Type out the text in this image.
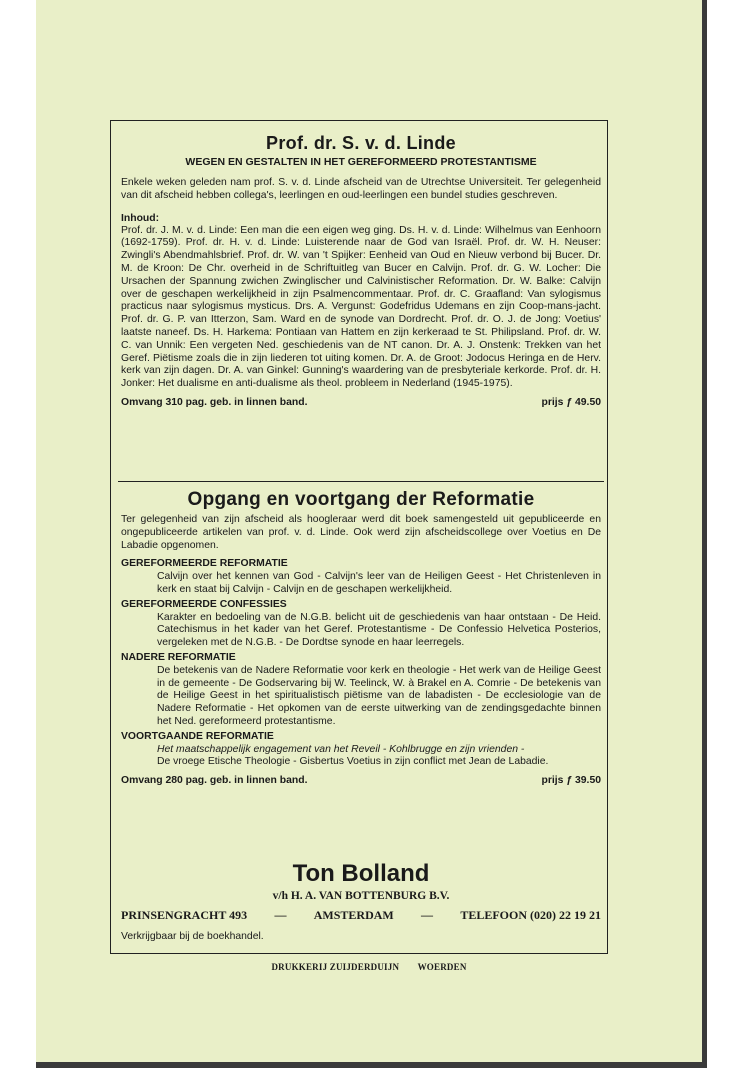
Prof. dr. S. v. d. Linde
WEGEN EN GESTALTEN IN HET GEREFORMEERD PROTESTANTISME

Enkele weken geleden nam prof. S. v. d. Linde afscheid van de Utrechtse Universiteit. Ter gelegenheid van dit afscheid hebben collega's, leerlingen en oud-leerlingen een bundel studies geschreven.

Inhoud:

Prof. dr. J. M. v. d. Linde: Een man die een eigen weg ging. Ds. H. v. d. Linde: Wilhelmus van Eenhoorn (1692-1759). Prof. dr. H. v. d. Linde: Luisterende naar de God van Israël. Prof. dr. W. H. Neuser: Zwingli's Abendmahlsbrief. Prof. dr. W. van 't Spijker: Eenheid van Oud en Nieuw verbond bij Bucer. Dr. M. de Kroon: De Chr. overheid in de Schriftuitleg van Bucer en Calvijn. Prof. dr. G. W. Locher: Die Ursachen der Spannung zwichen Zwinglischer und Calvinistischer Reformation. Dr. W. Balke: Calvijn over de geschapen werkelijkheid in zijn Psalmencommentaar. Prof. dr. C. Graafland: Van sylogismus practicus naar sylogismus mysticus. Drs. A. Vergunst: Godefridus Udemans en zijn Coop-mans-jacht. Prof. dr. G. P. van Itterzon, Sam. Ward en de synode van Dordrecht. Prof. dr. O. J. de Jong: Voetius' laatste naneef. Ds. H. Harkema: Pontiaan van Hattem en zijn kerkeraad te St. Philipsland. Prof. dr. W. C. van Unnik: Een vergeten Ned. geschiedenis van de NT canon. Dr. A. J. Onstenk: Trekken van het Geref. Piëtisme zoals die in zijn liederen tot uiting komen. Dr. A. de Groot: Jodocus Heringa en de Herv. kerk van zijn dagen. Dr. A. van Ginkel: Gunning's waardering van de presbyteriale kerkorde. Prof. dr. H. Jonker: Het dualisme en anti-dualisme als theol. probleem in Nederland (1945-1975).

Omvang 310 pag. geb. in linnen band.	prijs ƒ 49.50
Opgang en voortgang der Reformatie

Ter gelegenheid van zijn afscheid als hoogleraar werd dit boek samengesteld uit gepubliceerde en ongepubliceerde artikelen van prof. v. d. Linde. Ook werd zijn afscheidscollege over Voetius en De Labadie opgenomen.

GEREFORMEERDE REFORMATIE

Calvijn over het kennen van God - Calvijn's leer van de Heiligen Geest - Het Christenleven in kerk en staat bij Calvijn - Calvijn en de geschapen werkelijkheid.

GEREFORMEERDE CONFESSIES

Karakter en bedoeling van de N.G.B. belicht uit de geschiedenis van haar ontstaan - De Heid. Catechismus in het kader van het Geref. Protestantisme - De Confessio Helvetica Posterios, vergeleken met de N.G.B. - De Dordtse synode en haar leerregels.

NADERE REFORMATIE

De betekenis van de Nadere Reformatie voor kerk en theologie - Het werk van de Heilige Geest in de gemeente - De Godservaring bij W. Teelinck, W. à Brakel en A. Comrie - De betekenis van de Heilige Geest in het spiritualistisch piëtisme van de labadisten - De ecclesiologie van de Nadere Reformatie - Het opkomen van de eerste uitwerking van de zendingsgedachte binnen het Ned. gereformeerd protestantisme.

VOORTGAANDE REFORMATIE

Het maatschappelijk engagement van het Reveil - Kohlbrugge en zijn vrienden -

De vroege Etische Theologie - Gisbertus Voetius in zijn conflict met Jean de Labadie.

Omvang 280 pag. geb. in linnen band.	prijs ƒ 39.50
Ton Bolland

v/h H. A. VAN BOTTENBURG B.V.

PRINSENGRACHT 493 — AMSTERDAM — TELEFOON (020) 22 19 21
Verkrijgbaar bij de boekhandel.
DRUKKERIJ ZUIJDERDUIJN WOERDEN
